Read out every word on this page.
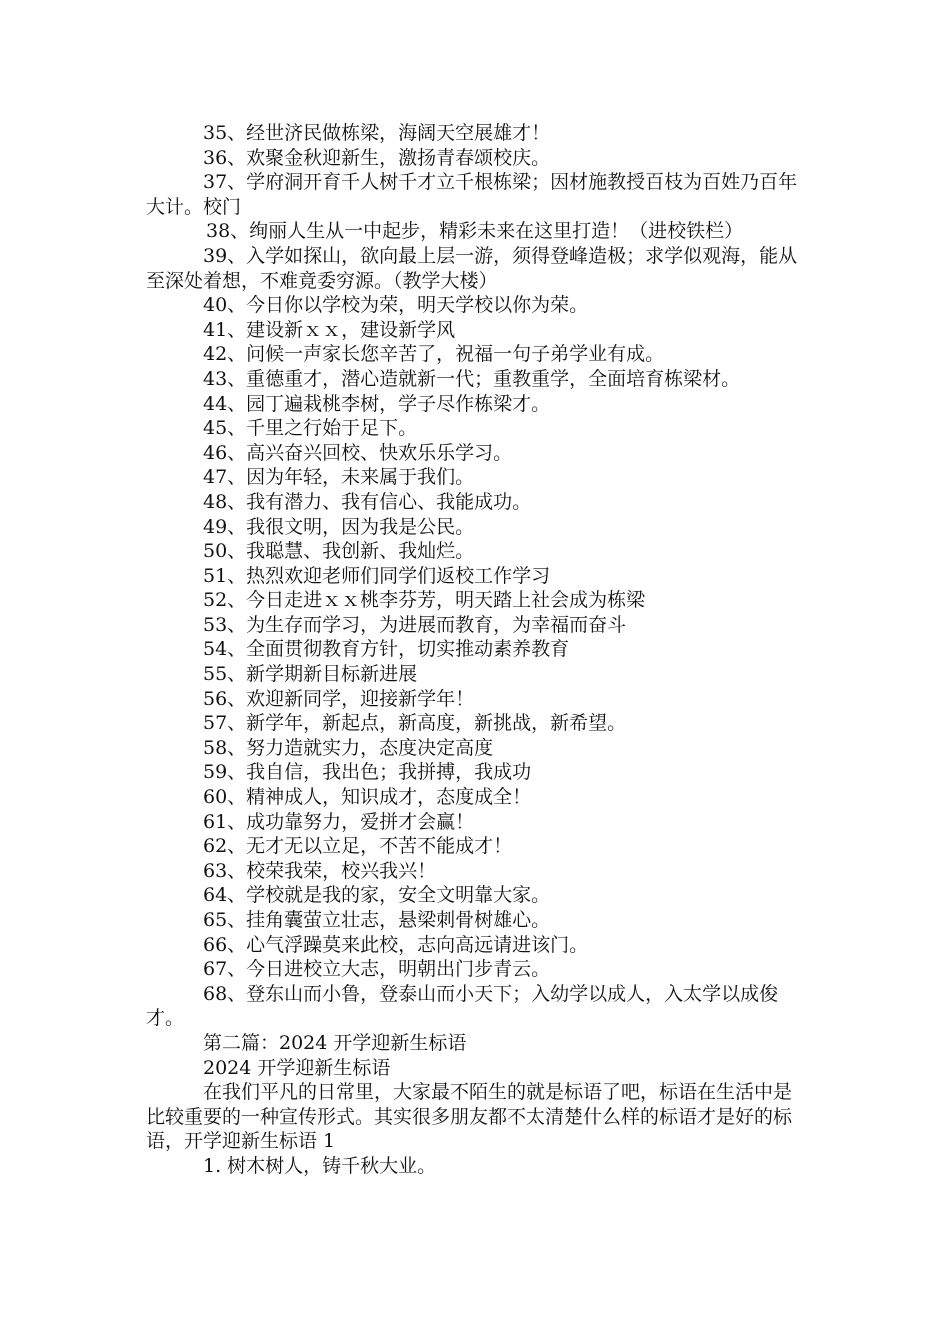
35、经世济民做栋梁，海阔天空展雄才！

36、欢聚金秋迎新生，激扬青春颂校庆。

37、学府洞开育千人树千才立千根栋梁；因材施教授百枝为百姓乃百年大计。校门

38、绚丽人生从一中起步，精彩未来在这里打造！（进校铁栏）

39、入学如探山，欲向最上层一游，须得登峰造极；求学似观海，能从至深处着想，不难竟委穷源。（教学大楼）

40、今日你以学校为荣，明天学校以你为荣。

41、建设新ｘｘ，建设新学风

42、问候一声家长您辛苦了，祝福一句子弟学业有成。

43、重德重才，潜心造就新一代；重教重学，全面培育栋梁材。

44、园丁遍栽桃李树，学子尽作栋梁才。

45、千里之行始于足下。

46、高兴奋兴回校、快欢乐乐学习。

47、因为年轻，未来属于我们。

48、我有潜力、我有信心、我能成功。

49、我很文明，因为我是公民。

50、我聪慧、我创新、我灿烂。

51、热烈欢迎老师们同学们返校工作学习

52、今日走进ｘｘ桃李芬芳，明天踏上社会成为栋梁

53、为生存而学习，为进展而教育，为幸福而奋斗

54、全面贯彻教育方针，切实推动素养教育

55、新学期新目标新进展

56、欢迎新同学，迎接新学年！

57、新学年，新起点，新高度，新挑战，新希望。

58、努力造就实力，态度决定高度

59、我自信，我出色；我拼搏，我成功

60、精神成人，知识成才，态度成全！

61、成功靠努力，爱拼才会赢！

62、无才无以立足，不苦不能成才！

63、校荣我荣，校兴我兴！

64、学校就是我的家，安全文明靠大家。

65、挂角囊萤立壮志，悬梁刺骨树雄心。

66、心气浮躁莫来此校，志向高远请进该门。

67、今日进校立大志，明朝出门步青云。

68、登东山而小鲁，登泰山而小天下；入幼学以成人，入太学以成俊才。

第二篇：2024 开学迎新生标语

2024 开学迎新生标语

在我们平凡的日常里，大家最不陌生的就是标语了吧，标语在生活中是比较重要的一种宣传形式。其实很多朋友都不太清楚什么样的标语才是好的标语，开学迎新生标语 1

1. 树木树人，铸千秋大业。
